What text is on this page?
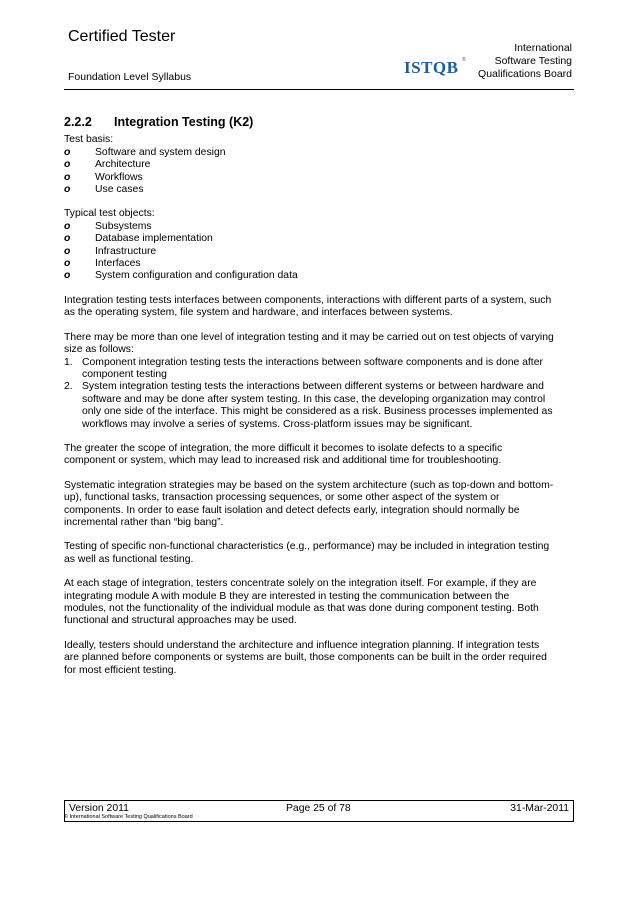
Certified Tester
Foundation Level Syllabus	ISTQB ®
International
Software Testing
Qualifications Board
2.2.2 Integration Testing (K2)
Test basis:
o Software and system design
o Architecture
o Workflows
o Use cases
Typical test objects:
o Subsystems
o Database implementation
o Infrastructure
o Interfaces
o System configuration and configuration data

Integration testing tests interfaces between components, interactions with different parts of a system, such as the operating system, file system and hardware, and interfaces between systems.

There may be more than one level of integration testing and it may be carried out on test objects of varying size as follows:

1. Component integration testing tests the interactions between software components and is done after component testing
2. System integration testing tests the interactions between different systems or between hardware and software and may be done after system testing. In this case, the developing organization may control only one side of the interface. This might be considered as a risk. Business processes implemented as workflows may involve a series of systems. Cross-platform issues may be significant.

The greater the scope of integration, the more difficult it becomes to isolate defects to a specific component or system, which may lead to increased risk and additional time for troubleshooting.

Systematic integration strategies may be based on the system architecture (such as top-down and bottom-up), functional tasks, transaction processing sequences, or some other aspect of the system or components. In order to ease fault isolation and detect defects early, integration should normally be incremental rather than “big bang”.

Testing of specific non-functional characteristics (e.g., performance) may be included in integration testing as well as functional testing.

At each stage of integration, testers concentrate solely on the integration itself. For example, if they are integrating module A with module B they are interested in testing the communication between the modules, not the functionality of the individual module as that was done during component testing. Both functional and structural approaches may be used.

Ideally, testers should understand the architecture and influence integration planning. If integration tests are planned before components or systems are built, those components can be built in the order required for most efficient testing.

Version 2011	Page 25 of 78	31-Mar-2011
© International Software Testing Qualifications Board
